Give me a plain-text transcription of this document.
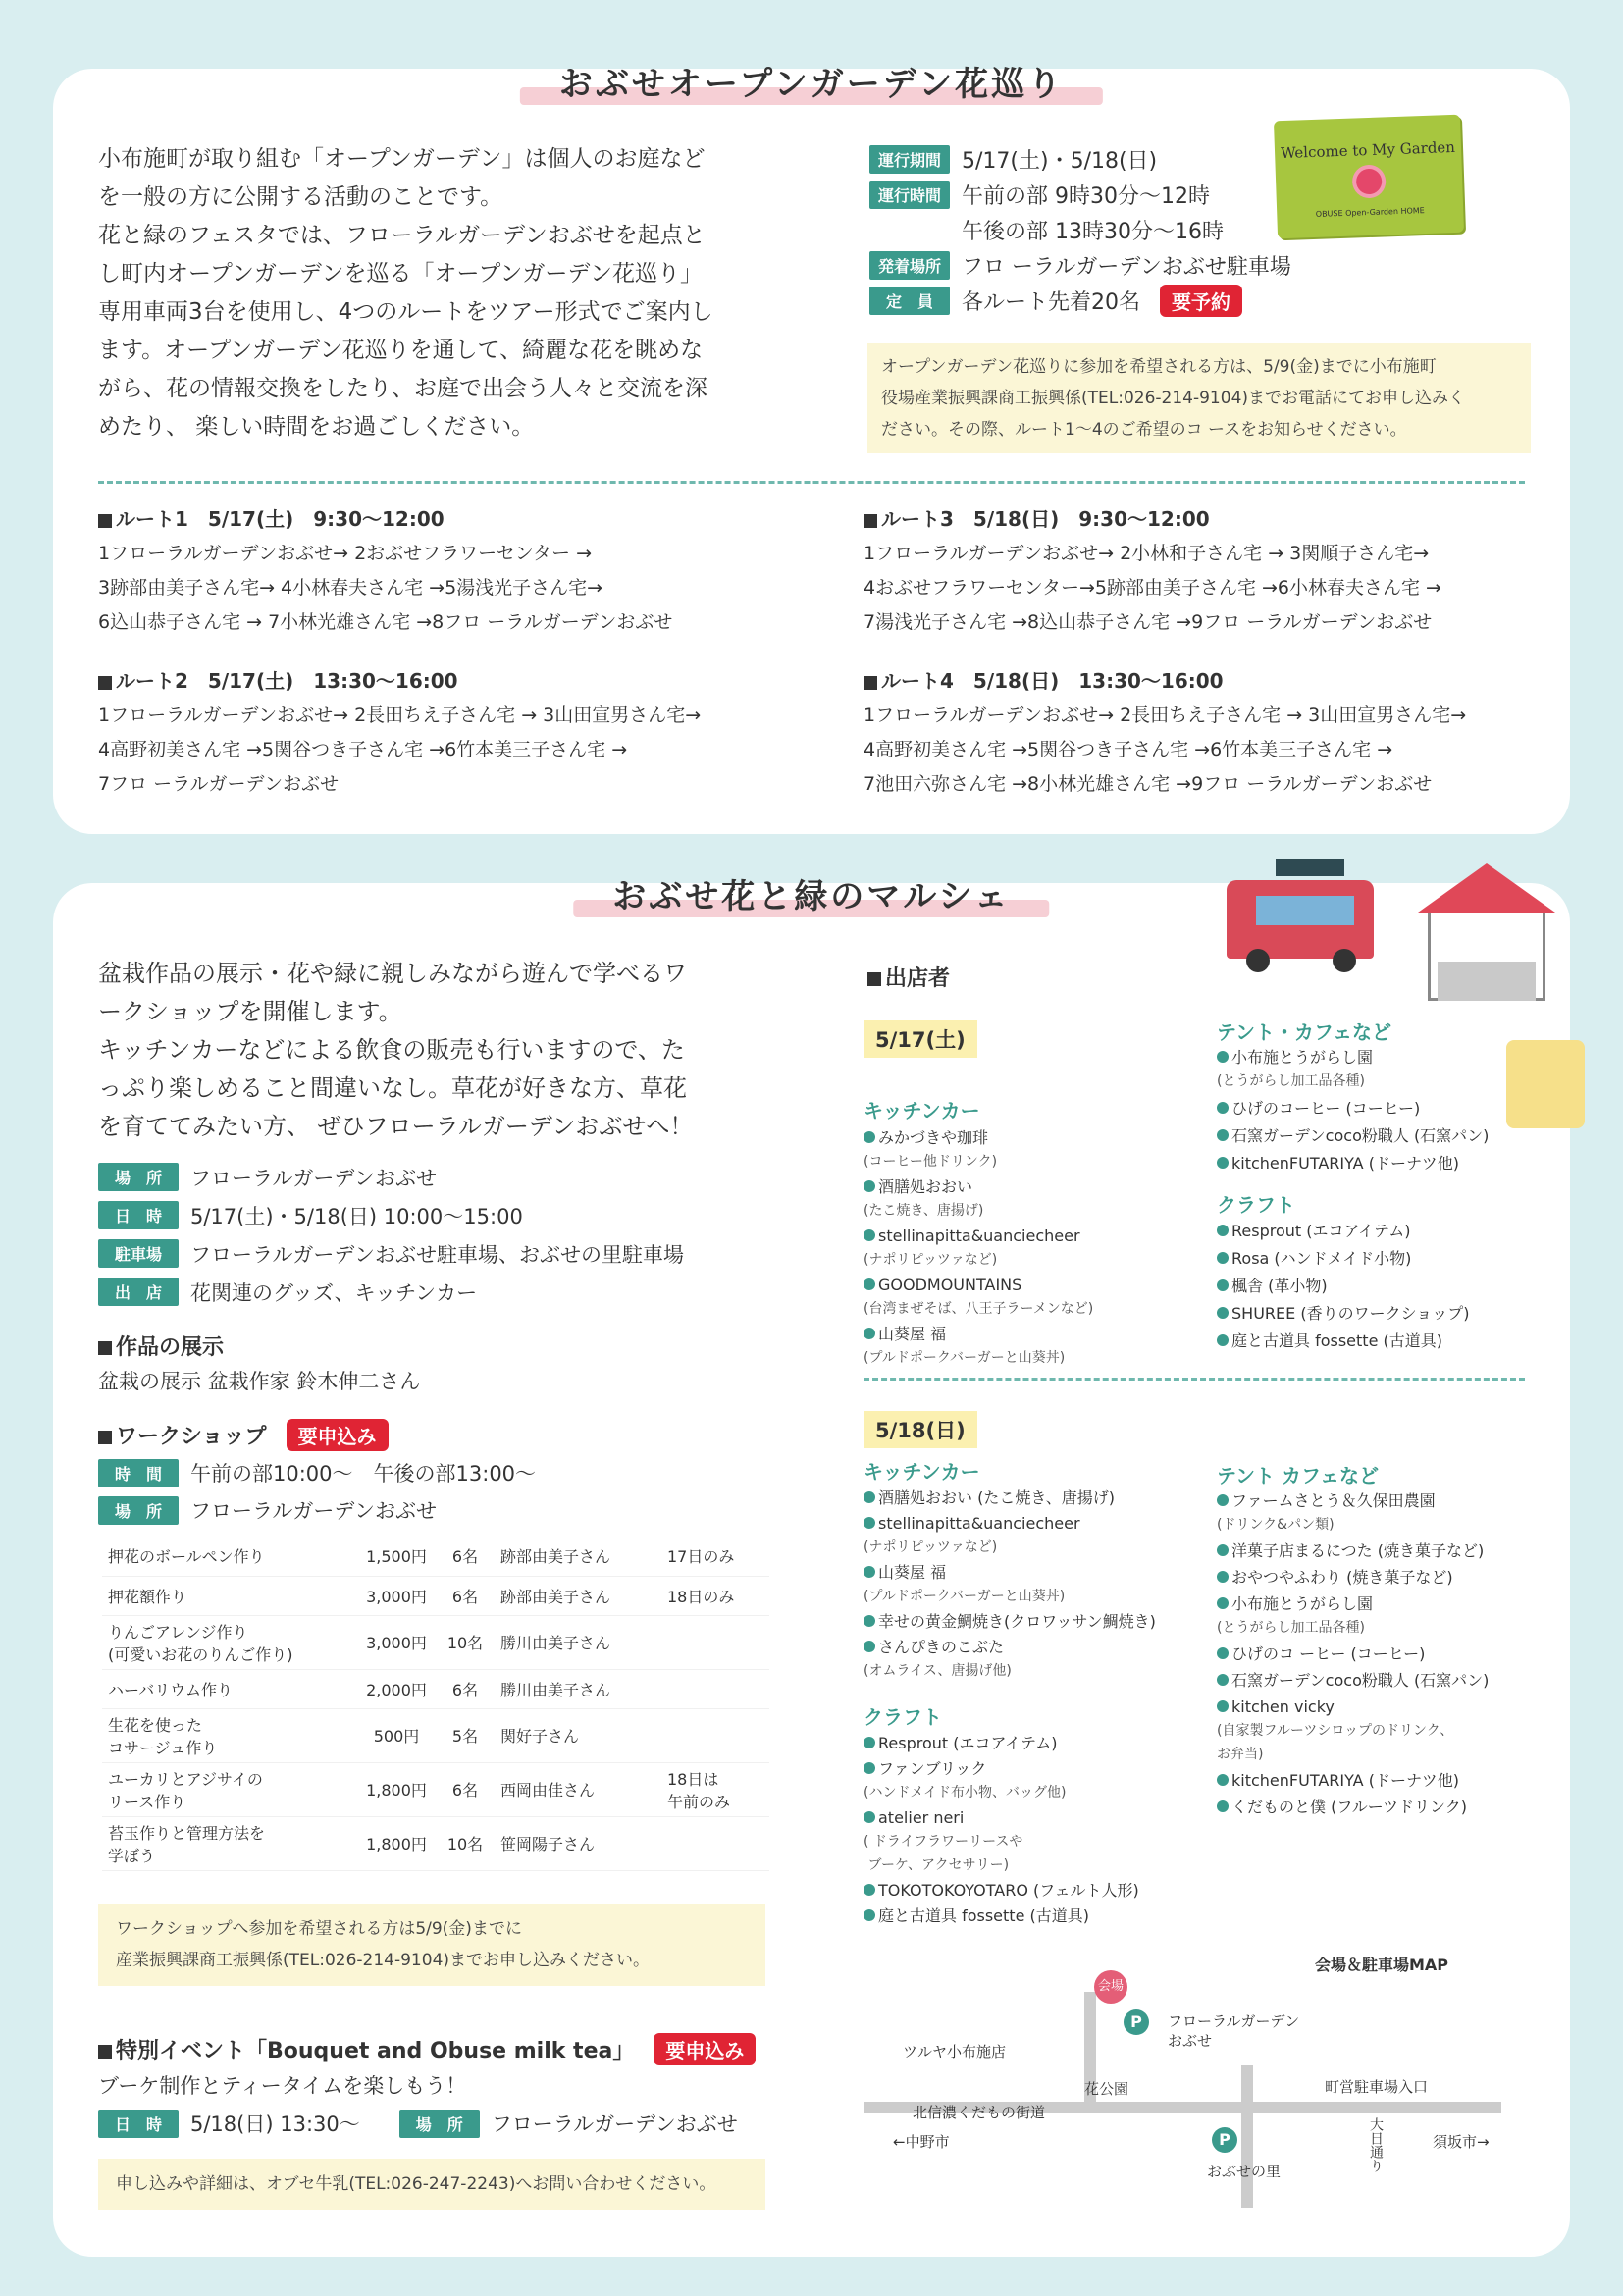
おぶせオープンガーデン花巡り
小布施町が取り組む「オープンガーデン」は個人のお庭など
を一般の方に公開する活動のことです。
花と緑のフェスタでは、フローラルガーデンおぶせを起点と
し町内オープンガーデンを巡る「オープンガーデン花巡り」
専用車両3台を使用し、4つのルートをツアー形式でご案内し
ます。オープンガーデン花巡りを通して、綺麗な花を眺めな
がら、花の情報交換をしたり、お庭で出会う人々と交流を深
めたり、 楽しい時間をお過ごしください。
運行期間 5/17(土)・5/18(日)
運行時間 午前の部 9時30分〜12時
午後の部 13時30分〜16時
発着場所 フロ ーラルガーデンおぶせ駐車場
定　員	各ルート先着20名	要予約
Welcome to My Garden
OBUSE Open-Garden HOME
オープンガーデン花巡りに参加を希望される方は、5/9(金)までに小布施町
役場産業振興課商工振興係(TEL:026-214-9104)までお電話にてお申し込みく
ださい。その際、ルート1〜4のご希望のコ ースをお知らせください。
ルート1　5/17(土)　9:30〜12:00
1フローラルガーデンおぶせ→ 2おぶせフラワーセンター →
3跡部由美子さん宅→ 4小林春夫さん宅 →5湯浅光子さん宅→
6込山恭子さん宅 → 7小林光雄さん宅 →8フロ ーラルガーデンおぶせ
ルート2　5/17(土)　13:30〜16:00
1フローラルガーデンおぶせ→ 2長田ちえ子さん宅 → 3山田宣男さん宅→
4高野初美さん宅 →5関谷つき子さん宅 →6竹本美三子さん宅 →
7フロ ーラルガーデンおぶせ
ルート3　5/18(日)　9:30〜12:00
1フローラルガーデンおぶせ→ 2小林和子さん宅 → 3関順子さん宅→
4おぶせフラワーセンター→5跡部由美子さん宅 →6小林春夫さん宅 →
7湯浅光子さん宅 →8込山恭子さん宅 →9フロ ーラルガーデンおぶせ
ルート4　5/18(日)　13:30〜16:00
1フローラルガーデンおぶせ→ 2長田ちえ子さん宅 → 3山田宣男さん宅→
4高野初美さん宅 →5関谷つき子さん宅 →6竹本美三子さん宅 →
7池田六弥さん宅 →8小林光雄さん宅 →9フロ ーラルガーデンおぶせ
おぶせ花と緑のマルシェ
盆栽作品の展示・花や緑に親しみながら遊んで学べるワ
ークショップを開催します。
キッチンカーなどによる飲食の販売も行いますので、た
っぷり楽しめること間違いなし。草花が好きな方、草花
を育ててみたい方、 ぜひフローラルガーデンおぶせへ！
場　所	フローラルガーデンおぶせ
日　時	5/17(土)・5/18(日) 10:00〜15:00
駐車場	フローラルガーデンおぶせ駐車場、おぶせの里駐車場
出　店	花関連のグッズ、キッチンカー
作品の展示
盆栽の展示 盆栽作家 鈴木伸二さん
ワークショップ 要申込み
時　間	午前の部10:00〜　午後の部13:00〜
場　所	フローラルガーデンおぶせ
押花のボールペン作り	1,500円	6名	跡部由美子さん	17日のみ
押花額作り	3,000円	6名	跡部由美子さん	18日のみ
りんごアレンジ作り
(可愛いお花のりんご作り)	3,000円	10名	勝川由美子さん	
ハーバリウム作り	2,000円	6名	勝川由美子さん	
生花を使った
コサージュ作り	500円	5名	関好子さん	
ユーカリとアジサイの
リース作り	1,800円	6名	西岡由佳さん	18日は
午前のみ
苔玉作りと管理方法を
学ぼう	1,800円	10名	笹岡陽子さん	
ワークショップへ参加を希望される方は5/9(金)までに
産業振興課商工振興係(TEL:026-214-9104)までお申し込みください。
特別イベント「Bouquet and Obuse milk tea」 要申込み
ブーケ制作とティータイムを楽しもう！
日　時	5/18(日) 13:30〜	場　所	フローラルガーデンおぶせ
申し込みや詳細は、オブセ牛乳(TEL:026-247-2243)へお問い合わせください。
出店者
5/17(土)
キッチンカー
みかづきや珈琲
(コーヒー他ドリンク)
酒膳処おおい
(たこ焼き、唐揚げ)
stellinapitta&uanciecheer
(ナポリピッツァなど)
GOODMOUNTAINS
(台湾まぜそば、八王子ラーメンなど)
山葵屋 福
(プルドポークバーガーと山葵丼)
テント・カフェなど
小布施とうがらし園
(とうがらし加工品各種)
ひげのコーヒー (コーヒー)
石窯ガーデンcoco粉職人 (石窯パン)
kitchenFUTARIYA (ドーナツ他)
クラフト
Resprout (エコアイテム)
Rosa (ハンドメイド小物)
楓舎 (革小物)
SHUREE (香りのワークショップ)
庭と古道具 fossette (古道具)
5/18(日)
キッチンカー
酒膳処おおい (たこ焼き、唐揚げ)
stellinapitta&uanciecheer
(ナポリピッツァなど)
山葵屋 福
(プルドポークバーガーと山葵丼)
幸せの黄金鯛焼き(クロワッサン鯛焼き)
さんぴきのこぶた
(オムライス、唐揚げ他)
クラフト
Resprout (エコアイテム)
ファンブリック
(ハンドメイド布小物、バッグ他)
atelier neri
( ドライフラワーリースや
ブーケ、アクセサリー)
TOKOTOKOYOTARO (フェルト人形)
庭と古道具 fossette (古道具)
テント カフェなど
ファームさとう＆久保田農園
(ドリンク&パン類)
洋菓子店まるにつた (焼き菓子など)
おやつやふわり (焼き菓子など)
小布施とうがらし園
(とうがらし加工品各種)
ひげのコ ーヒー (コーヒー)
石窯ガーデンcoco粉職人 (石窯パン)
kitchen vicky
(自家製フルーツシロップのドリンク、
お弁当)
kitchenFUTARIYA (ドーナツ他)
くだものと僕 (フルーツドリンク)
会場＆駐車場MAP
会場
P	フローラルガーデン
おぶせ
ツルヤ小布施店
花公園	町営駐車場入口
北信濃くだもの街道
←中野市	須坂市→
P
おぶせの里	大日通り
